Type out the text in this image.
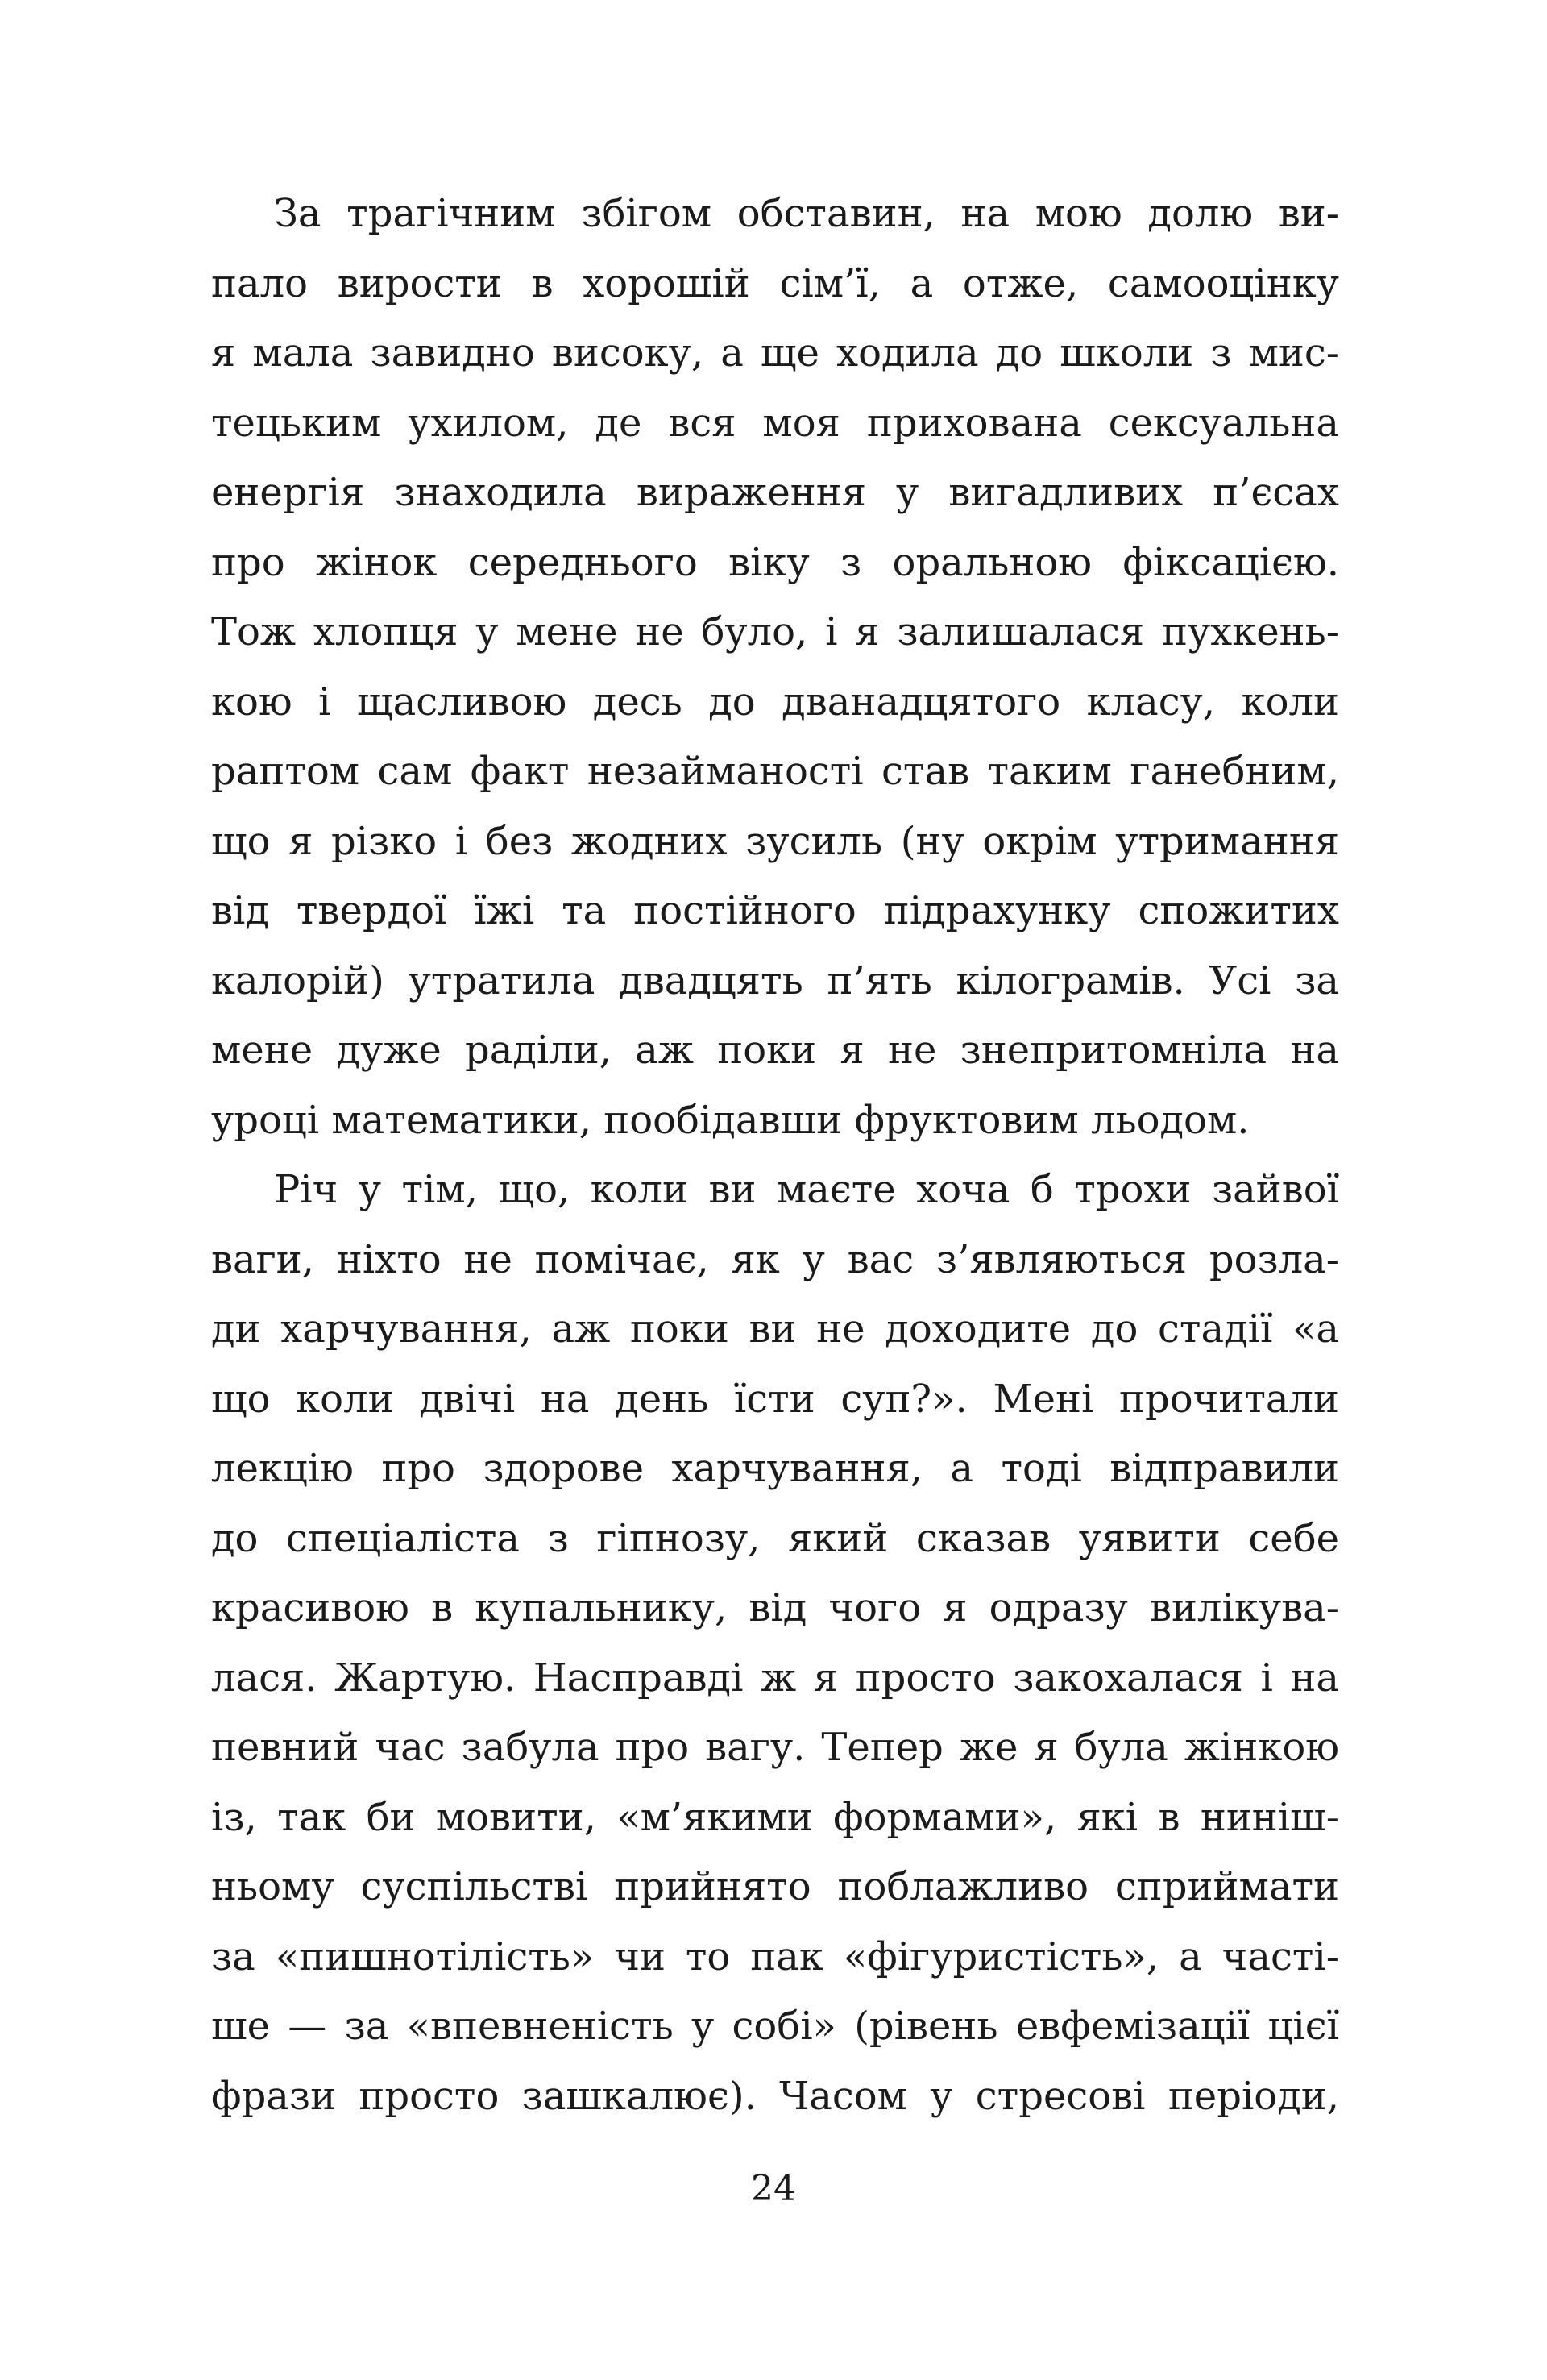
За трагічним збігом обставин, на мою долю ви-
пало вирости в хорошій сім’ї, а отже, самооцінку
я мала завидно високу, а ще ходила до школи з мис-
тецьким ухилом, де вся моя прихована сексуальна
енергія знаходила вираження у вигадливих п’єсах
про жінок середнього віку з оральною фіксацією.
Тож хлопця у мене не було, і я залишалася пухкень-
кою і щасливою десь до дванадцятого класу, коли
раптом сам факт незайманості став таким ганебним,
що я різко і без жодних зусиль (ну окрім утримання
від твердої їжі та постійного підрахунку спожитих
калорій) утратила двадцять п’ять кілограмів. Усі за
мене дуже раділи, аж поки я не знепритомніла на
уроці математики, пообідавши фруктовим льодом.
Річ у тім, що, коли ви маєте хоча б трохи зайвої
ваги, ніхто не помічає, як у вас з’являються розла-
ди харчування, аж поки ви не доходите до стадії «а
що коли двічі на день їсти суп?». Мені прочитали
лекцію про здорове харчування, а тоді відправили
до спеціаліста з гіпнозу, який сказав уявити себе
красивою в купальнику, від чого я одразу вилікува-
лася. Жартую. Насправді ж я просто закохалася і на
певний час забула про вагу. Тепер же я була жінкою
із, так би мовити, «м’якими формами», які в ниніш-
ньому суспільстві прийнято поблажливо сприймати
за «пишнотілість» чи то пак «фігуристість», а часті-
ше — за «впевненість у собі» (рівень евфемізації цієї
фрази просто зашкалює). Часом у стресові періоди,
24
